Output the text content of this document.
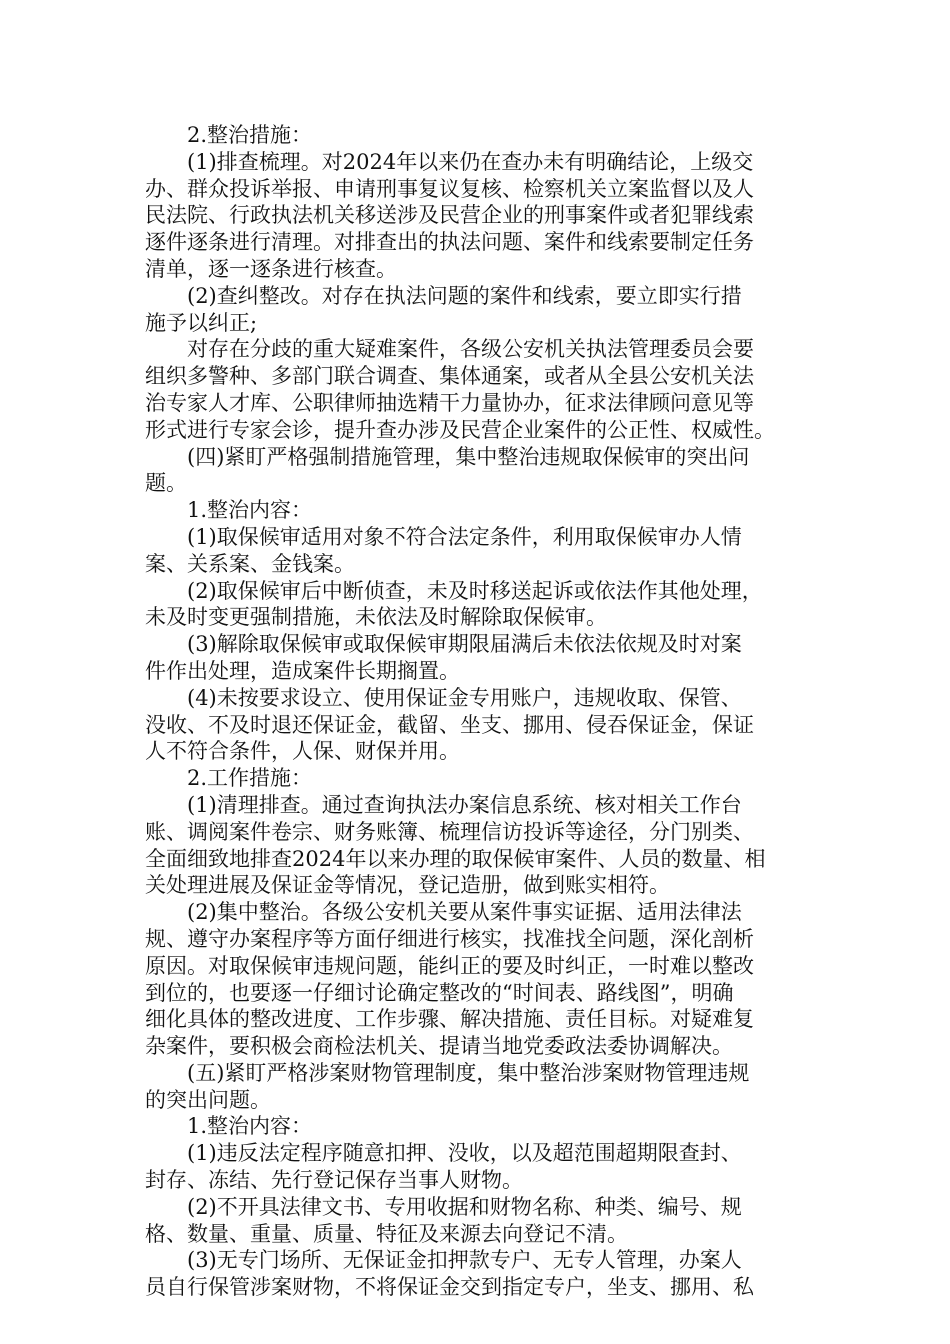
2.整治措施：
(1)排查梳理。对2024年以来仍在查办未有明确结论，上级交
办、群众投诉举报、申请刑事复议复核、检察机关立案监督以及人
民法院、行政执法机关移送涉及民营企业的刑事案件或者犯罪线索
逐件逐条进行清理。对排查出的执法问题、案件和线索要制定任务
清单，逐一逐条进行核查。
(2)查纠整改。对存在执法问题的案件和线索，要立即实行措
施予以纠正;
对存在分歧的重大疑难案件，各级公安机关执法管理委员会要
组织多警种、多部门联合调查、集体通案，或者从全县公安机关法
治专家人才库、公职律师抽选精干力量协办，征求法律顾问意见等
形式进行专家会诊，提升查办涉及民营企业案件的公正性、权威性。
(四)紧盯严格强制措施管理，集中整治违规取保候审的突出问
题。
1.整治内容：
(1)取保候审适用对象不符合法定条件，利用取保候审办人情
案、关系案、金钱案。
(2)取保候审后中断侦查，未及时移送起诉或依法作其他处理，
未及时变更强制措施，未依法及时解除取保候审。
(3)解除取保候审或取保候审期限届满后未依法依规及时对案
件作出处理，造成案件长期搁置。
(4)未按要求设立、使用保证金专用账户，违规收取、保管、
没收、不及时退还保证金，截留、坐支、挪用、侵吞保证金，保证
人不符合条件，人保、财保并用。
2.工作措施：
(1)清理排查。通过查询执法办案信息系统、核对相关工作台
账、调阅案件卷宗、财务账簿、梳理信访投诉等途径，分门别类、
全面细致地排查2024年以来办理的取保候审案件、人员的数量、相
关处理进展及保证金等情况，登记造册，做到账实相符。
(2)集中整治。各级公安机关要从案件事实证据、适用法律法
规、遵守办案程序等方面仔细进行核实，找准找全问题，深化剖析
原因。对取保候审违规问题，能纠正的要及时纠正，一时难以整改
到位的，也要逐一仔细讨论确定整改的“时间表、路线图”，明确
细化具体的整改进度、工作步骤、解决措施、责任目标。对疑难复
杂案件，要积极会商检法机关、提请当地党委政法委协调解决。
(五)紧盯严格涉案财物管理制度，集中整治涉案财物管理违规
的突出问题。
1.整治内容：
(1)违反法定程序随意扣押、没收，以及超范围超期限查封、
封存、冻结、先行登记保存当事人财物。
(2)不开具法律文书、专用收据和财物名称、种类、编号、规
格、数量、重量、质量、特征及来源去向登记不清。
(3)无专门场所、无保证金扣押款专户、无专人管理，办案人
员自行保管涉案财物，不将保证金交到指定专户，坐支、挪用、私
